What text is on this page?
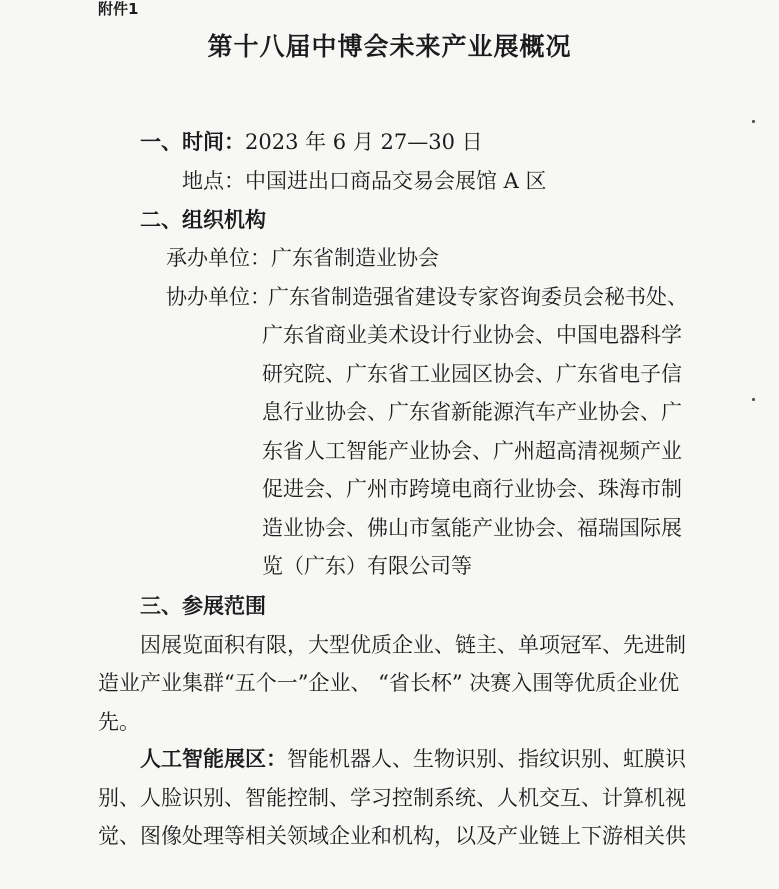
附件1
第十八届中博会未来产业展概况
一、时间：2023 年 6 月 27—30 日
地点：中国进出口商品交易会展馆 A 区
二、组织机构
承办单位：广东省制造业协会
协办单位：
广东省制造强省建设专家咨询委员会秘书处、
广东省商业美术设计行业协会、中国电器科学
研究院、广东省工业园区协会、广东省电子信
息行业协会、广东省新能源汽车产业协会、广
东省人工智能产业协会、广州超高清视频产业
促进会、广州市跨境电商行业协会、珠海市制
造业协会、佛山市氢能产业协会、福瑞国际展
览（广东）有限公司等
三、参展范围
因展览面积有限，大型优质企业、链主、单项冠军、先进制
造业产业集群“五个一”企业、 “省长杯” 决赛入围等优质企业优
先。
人工智能展区： 智能机器人、生物识别、指纹识别、虹膜识
别、人脸识别、智能控制、学习控制系统、人机交互、计算机视
觉、图像处理等相关领域企业和机构，以及产业链上下游相关供
